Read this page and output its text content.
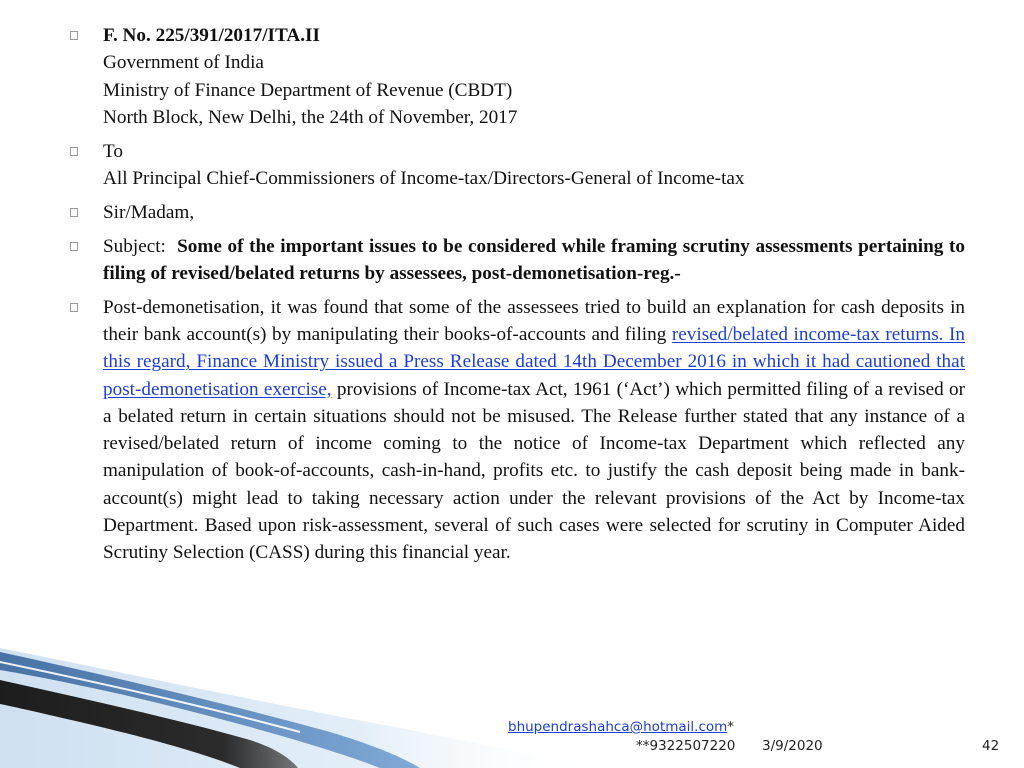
F. No. 225/391/2017/ITA.II
Government of India
Ministry of Finance Department of Revenue (CBDT)
North Block, New Delhi, the 24th of November, 2017
To
All Principal Chief-Commissioners of Income-tax/Directors-General of Income-tax
Sir/Madam,
Subject: Some of the important issues to be considered while framing scrutiny assessments pertaining to filing of revised/belated returns by assessees, post-demonetisation-reg.-
Post-demonetisation, it was found that some of the assessees tried to build an explanation for cash deposits in their bank account(s) by manipulating their books-of-accounts and filing revised/belated income-tax returns. In this regard, Finance Ministry issued a Press Release dated 14th December 2016 in which it had cautioned that post-demonetisation exercise, provisions of Income-tax Act, 1961 (‘Act’) which permitted filing of a revised or a belated return in certain situations should not be misused. The Release further stated that any instance of a revised/belated return of income coming to the notice of Income-tax Department which reflected any manipulation of book-of-accounts, cash-in-hand, profits etc. to justify the cash deposit being made in bank-account(s) might lead to taking necessary action under the relevant provisions of the Act by Income-tax Department. Based upon risk-assessment, several of such cases were selected for scrutiny in Computer Aided Scrutiny Selection (CASS) during this financial year.
bhupendrashahca@hotmail.com*
**9322507220 3/9/2020	42
